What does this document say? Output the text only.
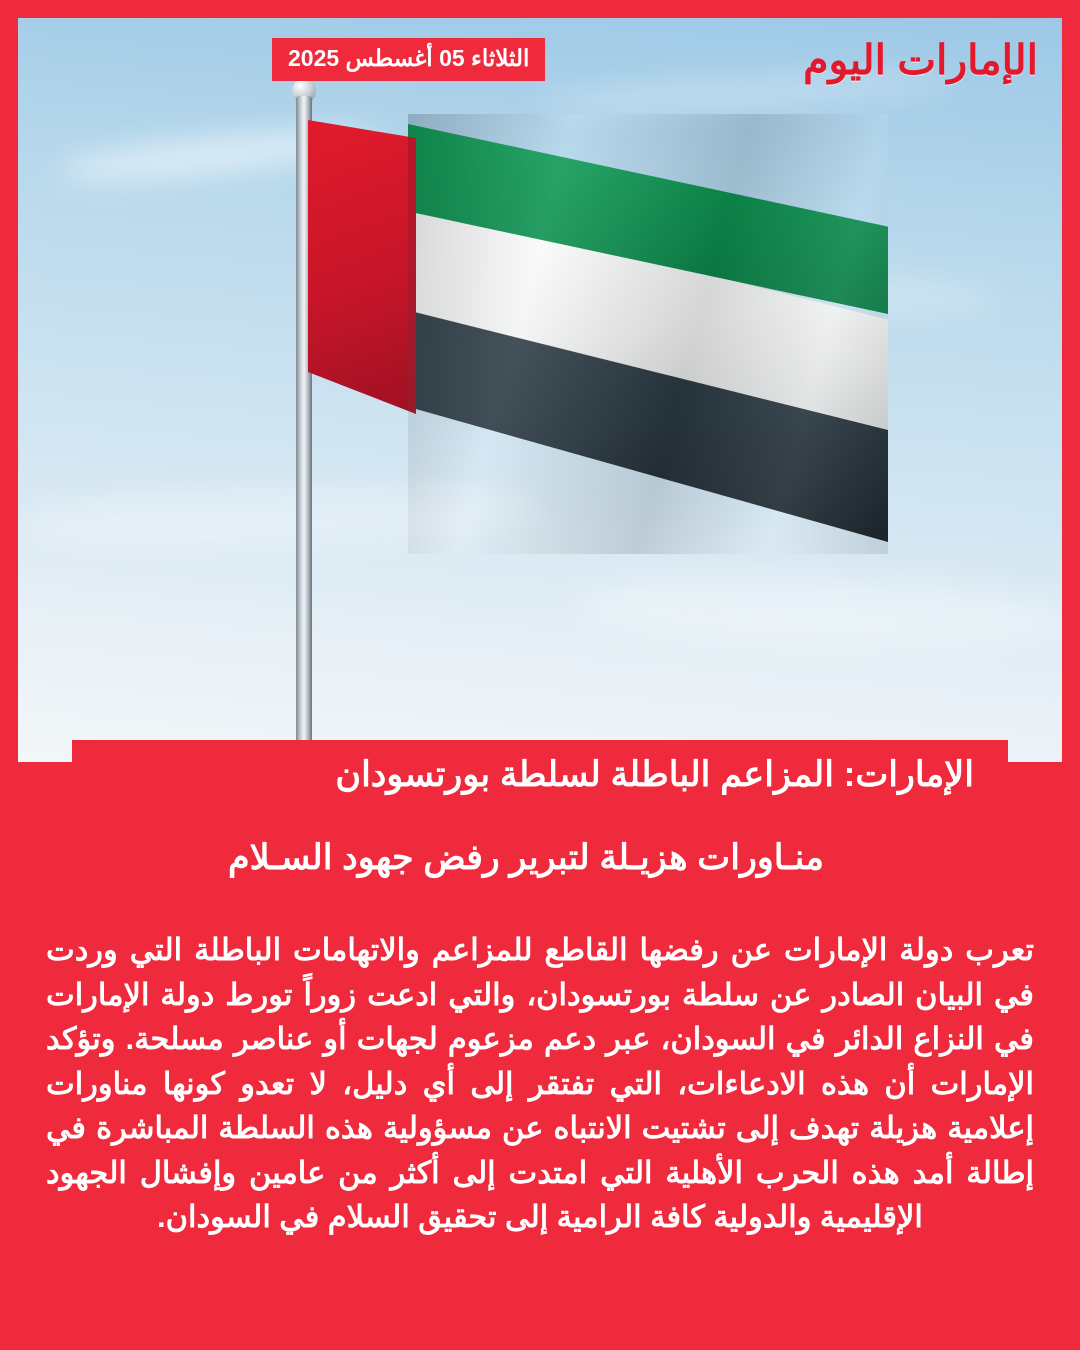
الإمارات اليوم
الثلاثاء 05 أغسطس 2025
الإمارات: المزاعم الباطلة لسلطة بورتسودان
منـاورات هزيـلة لتبرير رفض جهود السـلام
تعرب دولة الإمارات عن رفضها القاطع للمزاعم والاتهامات الباطلة التي وردت في البيان الصادر عن سلطة بورتسودان، والتي ادعت زوراً تورط دولة الإمارات في النزاع الدائر في السودان، عبر دعم مزعوم لجهات أو عناصر مسلحة. وتؤكد الإمارات أن هذه الادعاءات، التي تفتقر إلى أي دليل، لا تعدو كونها مناورات إعلامية هزيلة تهدف إلى تشتيت الانتباه عن مسؤولية هذه السلطة المباشرة في إطالة أمد هذه الحرب الأهلية التي امتدت إلى أكثر من عامين وإفشال الجهود الإقليمية والدولية كافة الرامية إلى تحقيق السلام في السودان.
